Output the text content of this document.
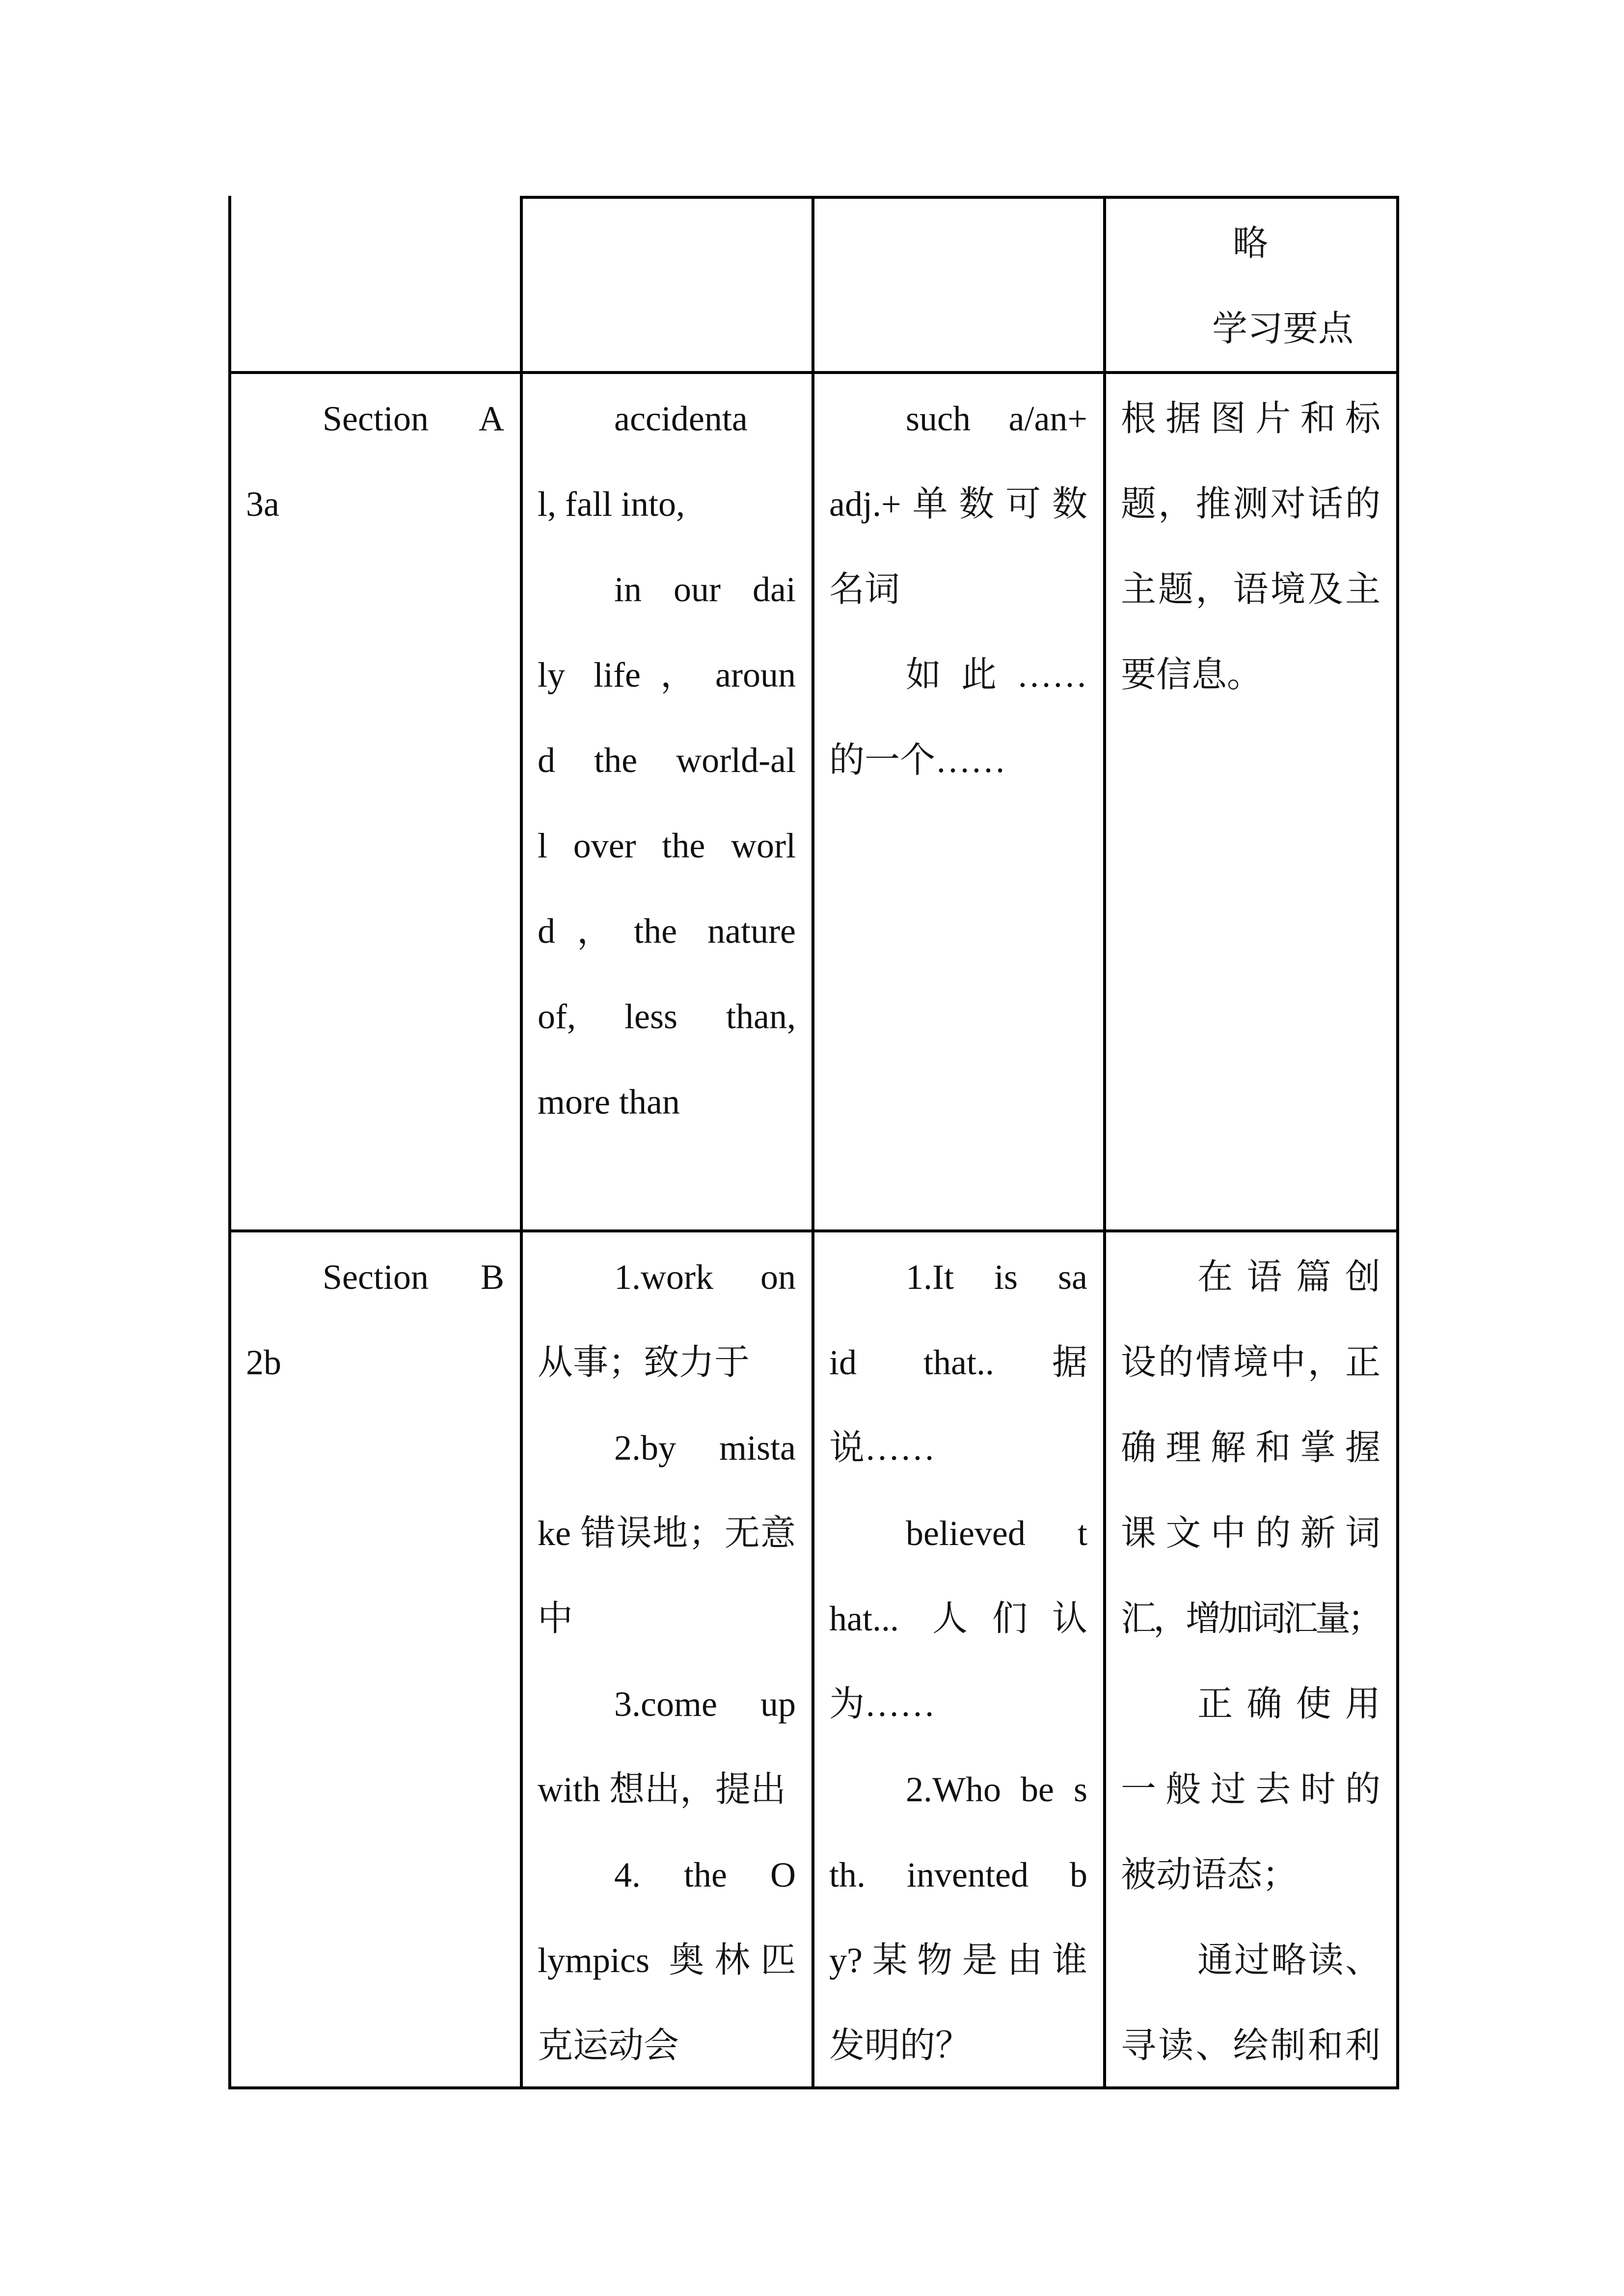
略
学习要点
Section A
3a
accidenta
l, fall into,
in our dai
ly life，aroun
d the world-al
l over the worl
d，the nature
of, less than,
more than
such a/an+
adj.+单数可数
名词
如此……
的一个……
根据图片和标
题，推测对话的
主题，语境及主
要信息。
Section B
2b
1.work on
从事；致力于
2.by mista
ke 错误地；无意
中
3.come up
with 想出，提出
4. the O
lympics 奥林匹
克运动会
1.It is sa
id that..据
说……
believed t
hat... 人们认
为……
2.Who be s
th. invented b
y?某物是由谁
发明的？
在语篇创
设的情境中，正
确理解和掌握
课文中的新词
汇，增加词汇量；
正确使用
一般过去时的
被动语态；
通过略读、
寻读、绘制和利
